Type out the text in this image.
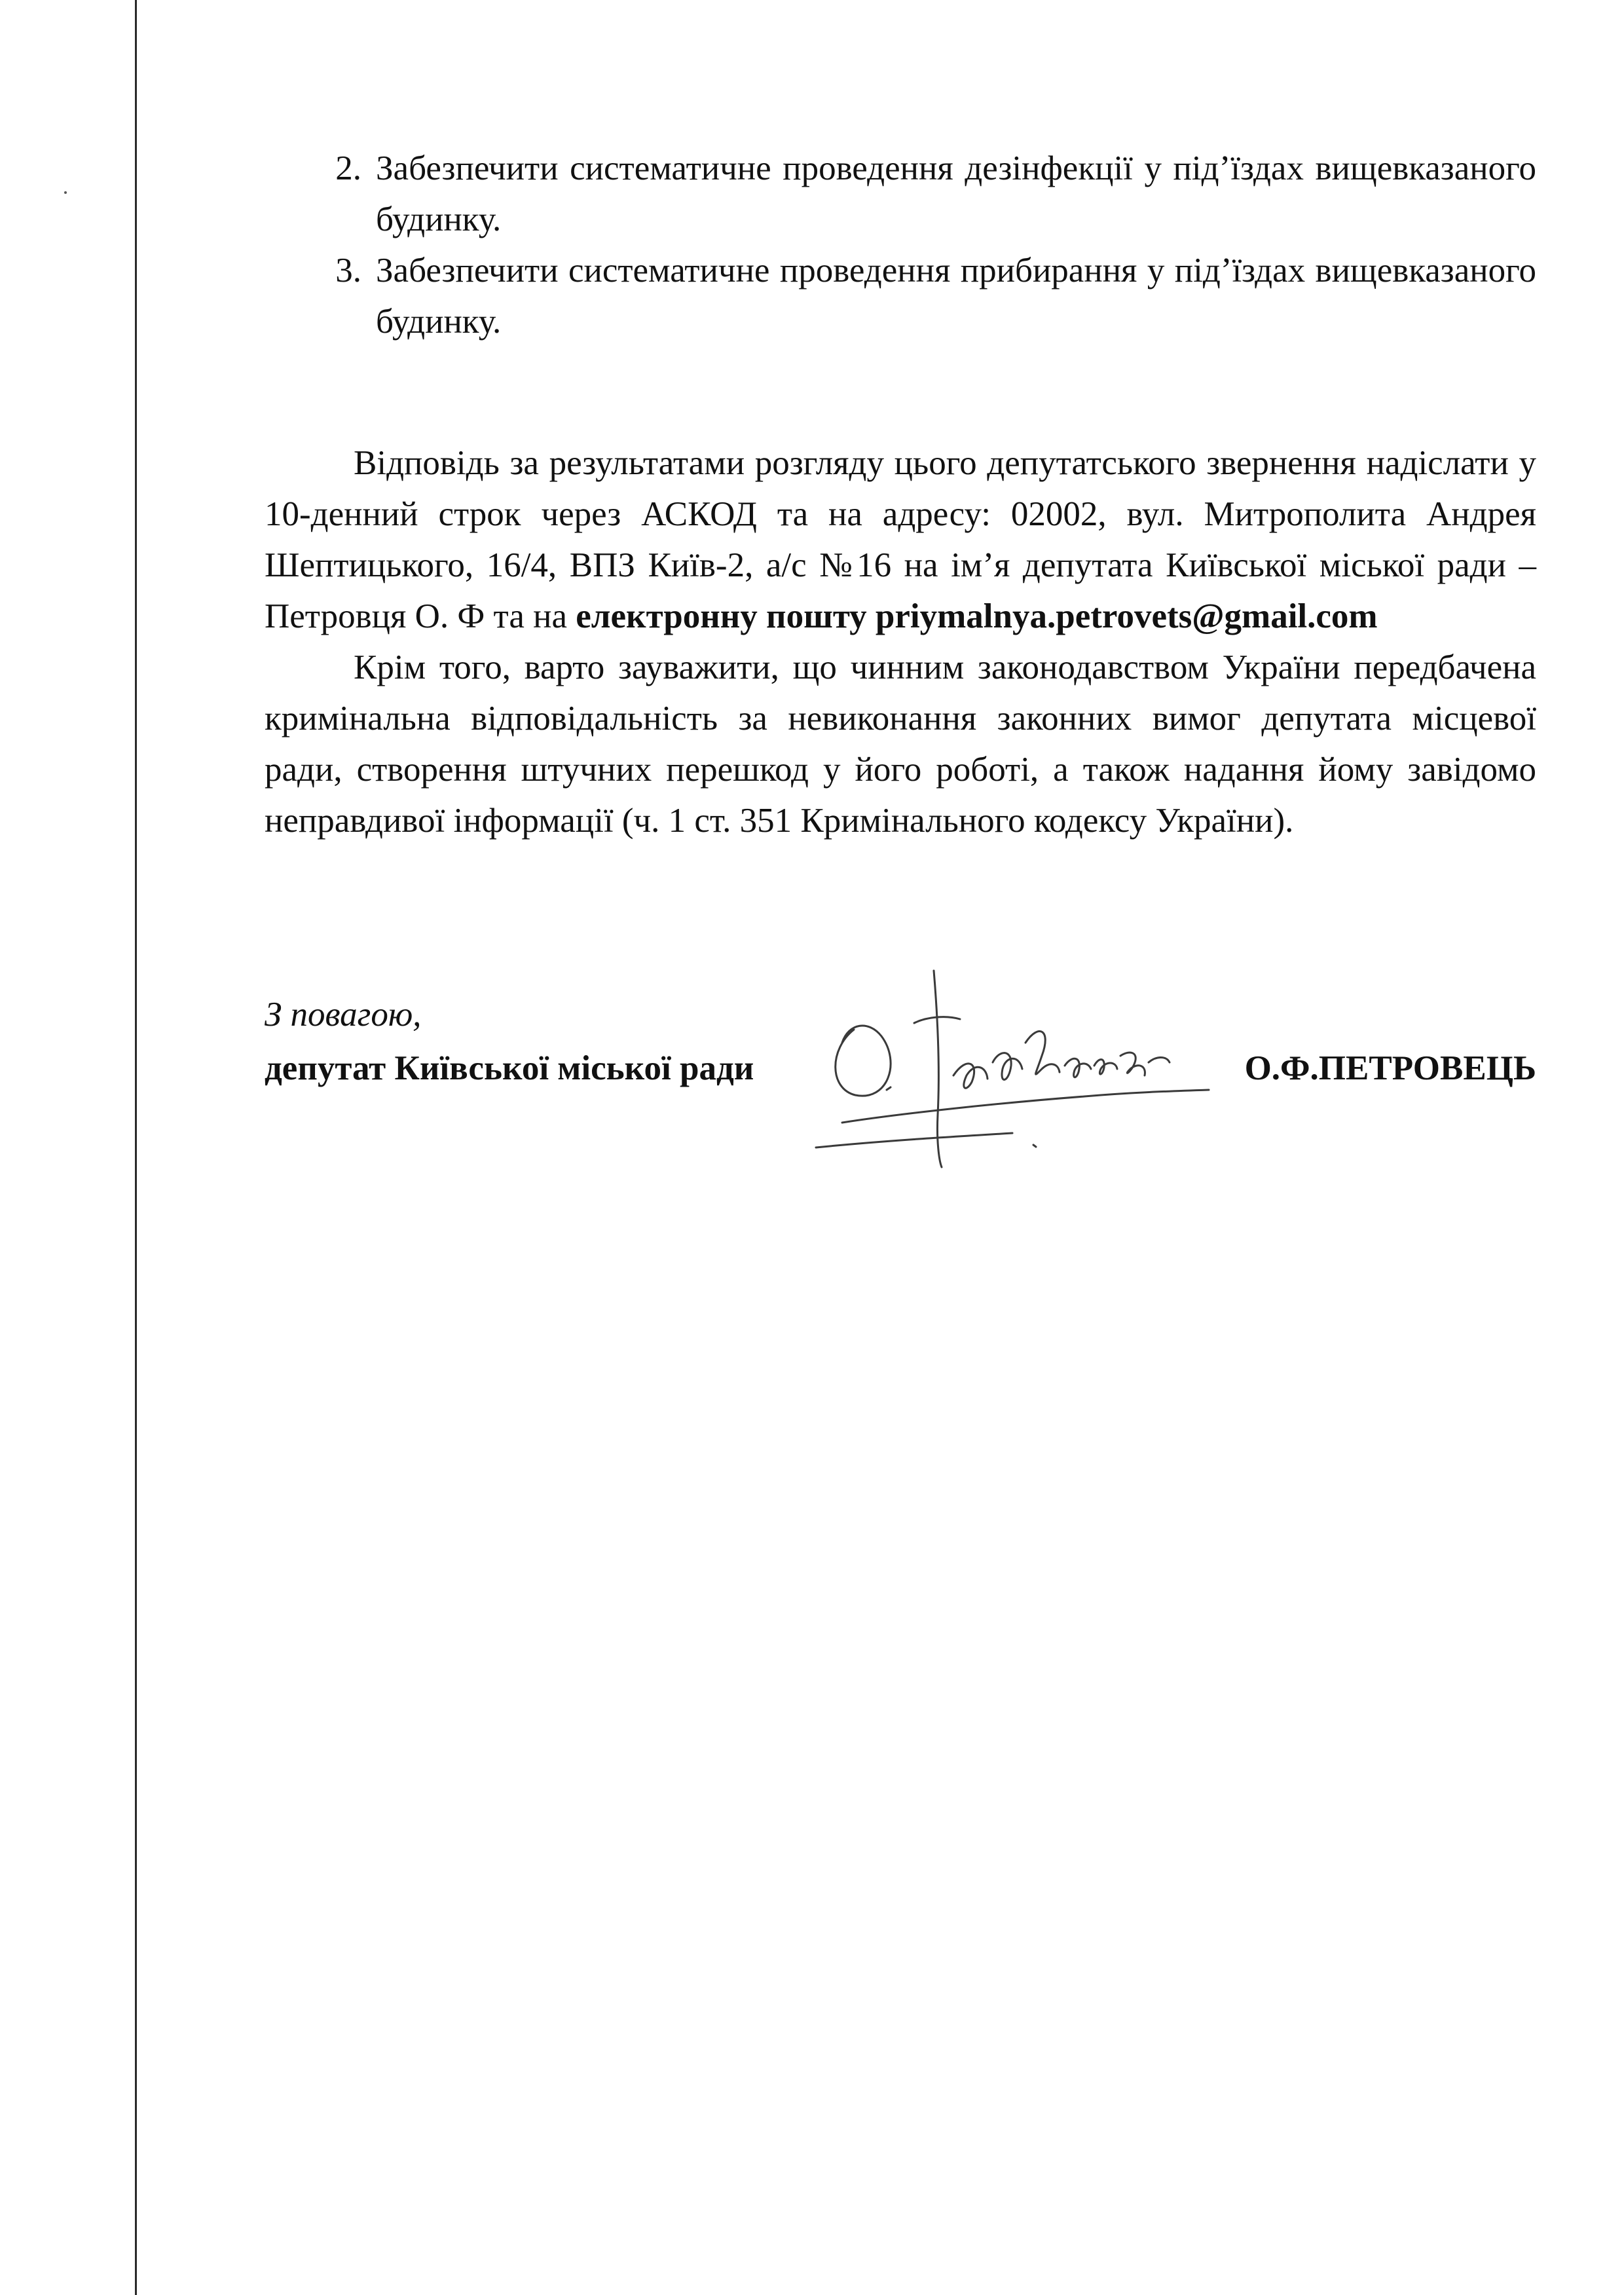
2. Забезпечити систематичне проведення дезінфекції у під’їздах вищевказаного будинку.
3. Забезпечити систематичне проведення прибирання у під’їздах вищевказаного будинку.

Відповідь за результатами розгляду цього депутатського звернення надіслати у 10-денний строк через АСКОД та на адресу: 02002, вул. Митрополита Андрея Шептицького, 16/4, ВПЗ Київ-2, а/с №16 на ім’я депутата Київської міської ради – Петровця О. Ф та на електронну пошту priymalnya.petrovets@gmail.com

Крім того, варто зауважити, що чинним законодавством України передбачена кримінальна відповідальність за невиконання законних вимог депутата місцевої ради, створення штучних перешкод у його роботі, а також надання йому завідомо неправдивої інформації (ч. 1 ст. 351 Кримінального кодексу України).

З повагою,
депутат Київської міської ради	О.Ф.ПЕТРОВЕЦЬ
